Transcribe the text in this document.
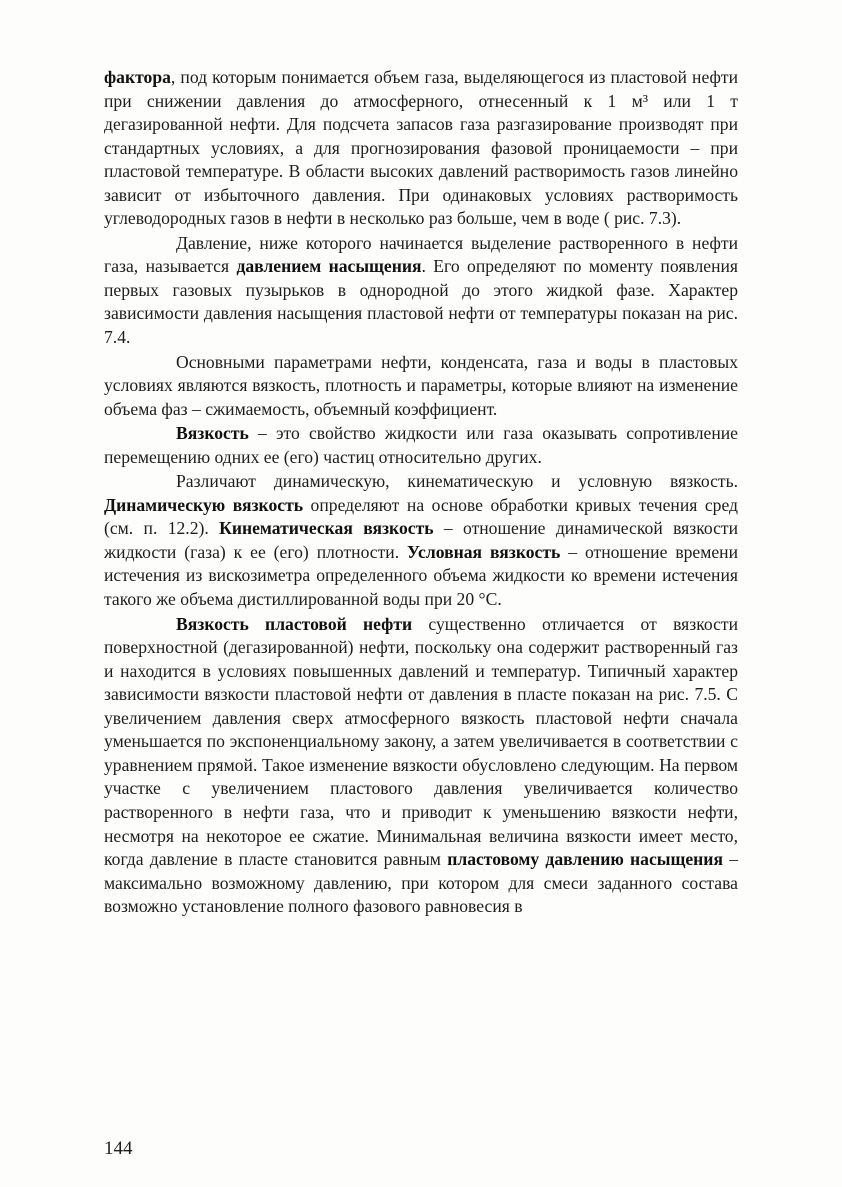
фактора, под которым понимается объем газа, выделяющегося из пластовой нефти при снижении давления до атмосферного, отнесенный к 1 м³ или 1 т дегазированной нефти. Для подсчета запасов газа разгазирование производят при стандартных условиях, а для прогнозирования фазовой проницаемости – при пластовой температуре. В области высоких давлений растворимость газов линейно зависит от избыточного давления. При одинаковых условиях растворимость углеводородных газов в нефти в несколько раз больше, чем в воде ( рис. 7.3).

Давление, ниже которого начинается выделение растворенного в нефти газа, называется давлением насыщения. Его определяют по моменту появления первых газовых пузырьков в однородной до этого жидкой фазе. Характер зависимости давления насыщения пластовой нефти от температуры показан на рис. 7.4.

Основными параметрами нефти, конденсата, газа и воды в пластовых условиях являются вязкость, плотность и параметры, которые влияют на изменение объема фаз – сжимаемость, объемный коэффициент.

Вязкость – это свойство жидкости или газа оказывать сопротивление перемещению одних ее (его) частиц относительно других.

Различают динамическую, кинематическую и условную вязкость. Динамическую вязкость определяют на основе обработки кривых течения сред (см. п. 12.2). Кинематическая вязкость – отношение динамической вязкости жидкости (газа) к ее (его) плотности. Условная вязкость – отношение времени истечения из вискозиметра определенного объема жидкости ко времени истечения такого же объема дистиллированной воды при 20 °С.

Вязкость пластовой нефти существенно отличается от вязкости поверхностной (дегазированной) нефти, поскольку она содержит растворенный газ и находится в условиях повышенных давлений и температур. Типичный характер зависимости вязкости пластовой нефти от давления в пласте показан на рис. 7.5. С увеличением давления сверх атмосферного вязкость пластовой нефти сначала уменьшается по экспоненциальному закону, а затем увеличивается в соответствии с уравнением прямой. Такое изменение вязкости обусловлено следующим. На первом участке с увеличением пластового давления увеличивается количество растворенного в нефти газа, что и приводит к уменьшению вязкости нефти, несмотря на некоторое ее сжатие. Минимальная величина вязкости имеет место, когда давление в пласте становится равным пластовому давлению насыщения – максимально возможному давлению, при котором для смеси заданного состава возможно установление полного фазового равновесия в

144
